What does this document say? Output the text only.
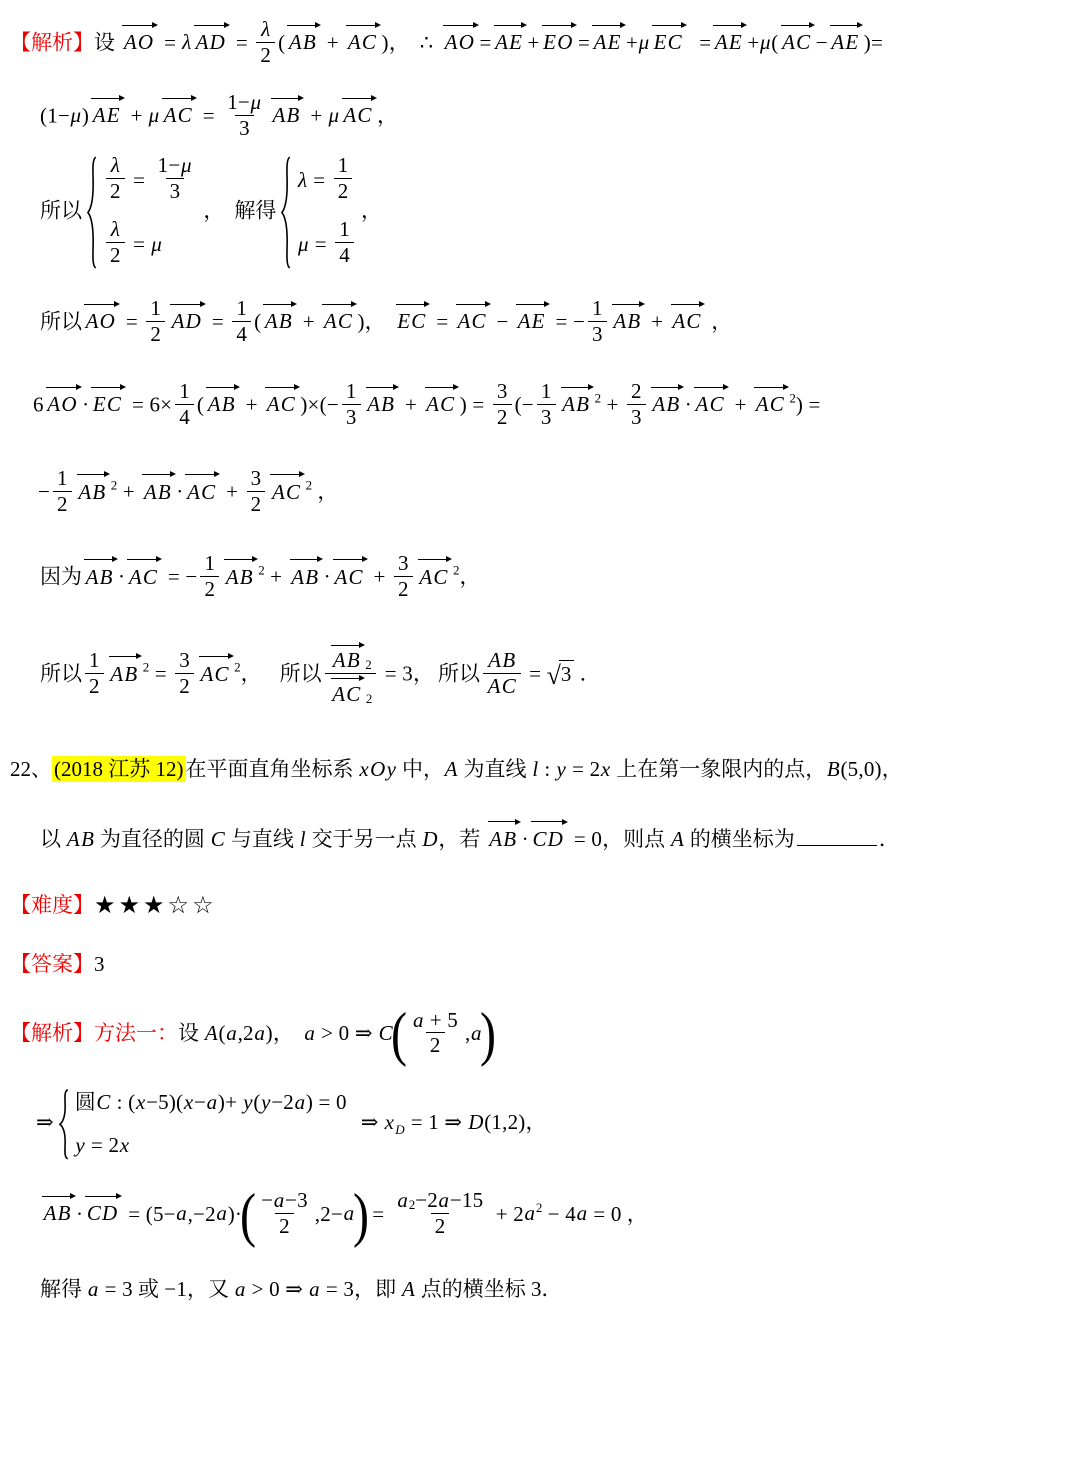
【解析】设
AO = λ AD = $\frac{\lambda}{2}$ ( AB + AC )， ∴ AO = AE + EO = AE +μ EC = AE +μ( AC − AE )=
(1−μ) AE + μ AC = $\frac{1-\mu}{3}$ AB + μ AC ，
所以
$\frac{\lambda}{2} = \frac{1-\mu}{3}$
$\frac{\lambda}{2} = \mu$
， 解得
$\lambda = \frac{1}{2}$
$\mu = \frac{1}{4}$
，
所以 AO = $\frac{1}{2}$ AD = $\frac{1}{4}$ ( AB + AC )， EC = AC − AE = − $\frac{1}{3}$ AB + AC ，
6 AO · EC = $6\times \frac{1}{4}$ ( AB + AC )×(− $\frac{1}{3}$ AB + AC ) = $\frac{3}{2}$ (− $\frac{1}{3}$ AB $^2 + \frac{2}{3}$ AB · AC + AC $^2$) =
− $\frac{1}{2}$ AB $^2$ + AB · AC + $\frac{3}{2}$ AC $^2$ ，
因为 AB · AC = − $\frac{1}{2}$ AB $^2$ + AB · AC + $\frac{3}{2}$ AC $^2$，
所以 $\frac{1}{2}$ AB $^2 = \frac{3}{2}$ AC $^2$， 所以 $\frac{AB 2}{AC 2} = 3$， 所以 $\frac{AB}{AC} = √3$ ．
22、(2018 江苏 12)在平面直角坐标系 xOy 中，A 为直线 l : y = 2x 上在第一象限内的点，B(5,0)，
以 AB 为直径的圆 C 与直线 l 交于另一点 D，若
AB · CD = 0，则点 A 的横坐标为	．
【难度】★★★☆☆
【答案】3
【解析】方法一：设 A(a,2a)， a > 0 ⇒ $C( \frac{a + 5}{2} ,a)$
⇒
圆 C : (x−5)(x−a)+ y(y−2a) = 0
y = 2x
⇒ $x_D = 1$ ⇒ D(1,2)，
AB · CD = $(5-a,-2a)\cdot( \frac{-a-3}{2} ,2-a) = \frac{a 2 -2a-15}{2} + 2a^2 - 4a = 0$ ，
解得 a = 3 或 −1，又 a > 0 ⇒ a = 3，即 A 点的横坐标 3．
